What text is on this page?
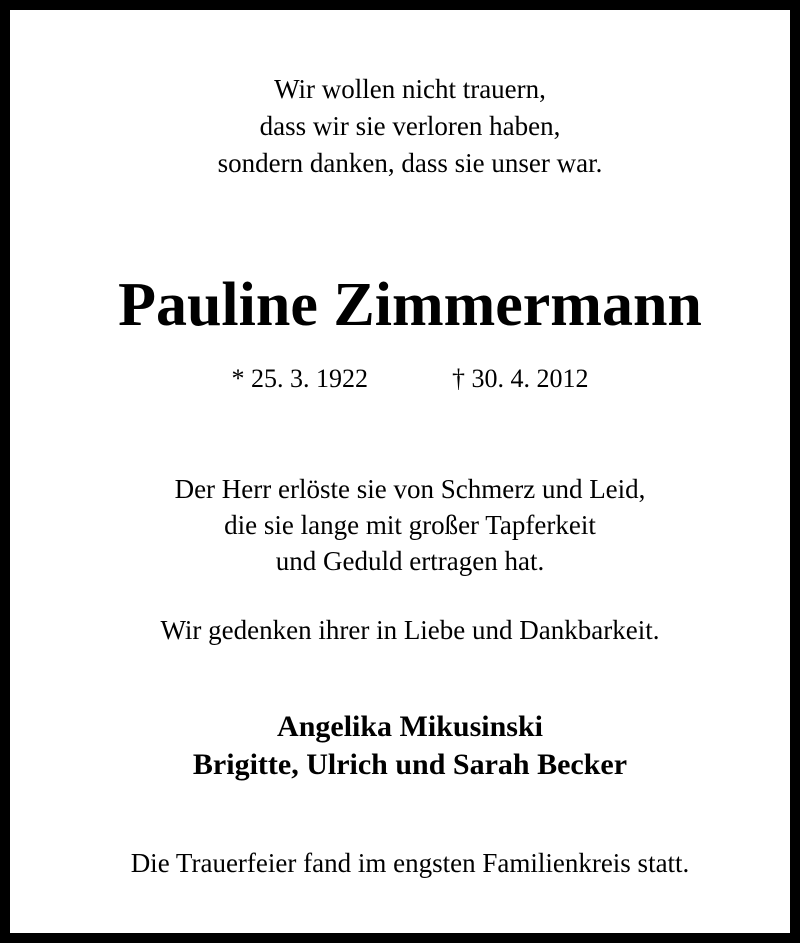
Wir wollen nicht trauern,
dass wir sie verloren haben,
sondern danken, dass sie unser war.
Pauline Zimmermann
* 25. 3. 1922	† 30. 4. 2012
Der Herr erlöste sie von Schmerz und Leid,
die sie lange mit großer Tapferkeit
und Geduld ertragen hat.
Wir gedenken ihrer in Liebe und Dankbarkeit.
Angelika Mikusinski
Brigitte, Ulrich und Sarah Becker
Die Trauerfeier fand im engsten Familienkreis statt.
